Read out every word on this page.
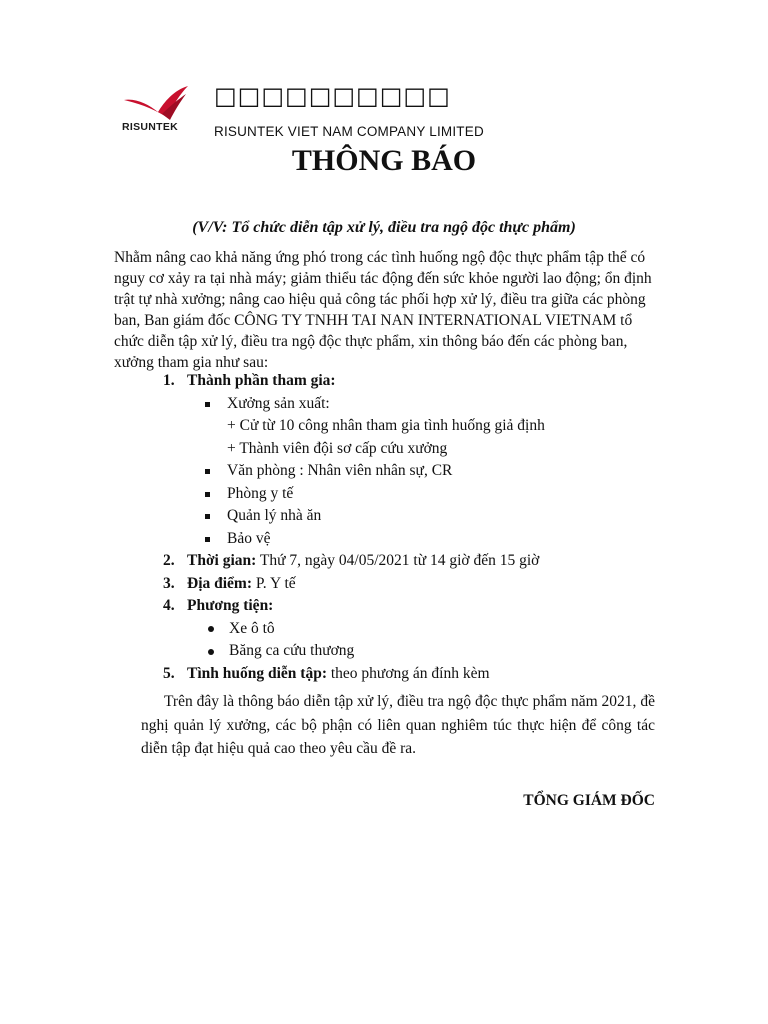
RISUNTEK
□□□□□□□□□□
RISUNTEK VIET NAM COMPANY LIMITED
THÔNG BÁO
(V/V: Tổ chức diễn tập xử lý, điều tra ngộ độc thực phẩm)
Nhằm nâng cao khả năng ứng phó trong các tình huống ngộ độc thực phẩm tập thể có nguy cơ xảy ra tại nhà máy; giảm thiểu tác động đến sức khỏe người lao động; ổn định trật tự nhà xưởng; nâng cao hiệu quả công tác phối hợp xử lý, điều tra giữa các phòng ban, Ban giám đốc CÔNG TY TNHH TAI NAN INTERNATIONAL VIETNAM tổ chức diễn tập xử lý, điều tra ngộ độc thực phẩm, xin thông báo đến các phòng ban, xưởng tham gia như sau:
1. Thành phần tham gia:
Xưởng sản xuất:
+ Cử từ 10 công nhân tham gia tình huống giả định
+ Thành viên đội sơ cấp cứu xưởng
Văn phòng : Nhân viên nhân sự, CR
Phòng y tế
Quản lý nhà ăn
Bảo vệ
2. Thời gian: Thứ 7, ngày 04/05/2021 từ 14 giờ đến 15 giờ
3. Địa điểm: P. Y tế
4. Phương tiện:
Xe ô tô
Băng ca cứu thương
5. Tình huống diễn tập: theo phương án đính kèm
Trên đây là thông báo diễn tập xử lý, điều tra ngộ độc thực phẩm năm 2021, đề nghị quản lý xưởng, các bộ phận có liên quan nghiêm túc thực hiện để công tác diễn tập đạt hiệu quả cao theo yêu cầu đề ra.
TỔNG GIÁM ĐỐC
